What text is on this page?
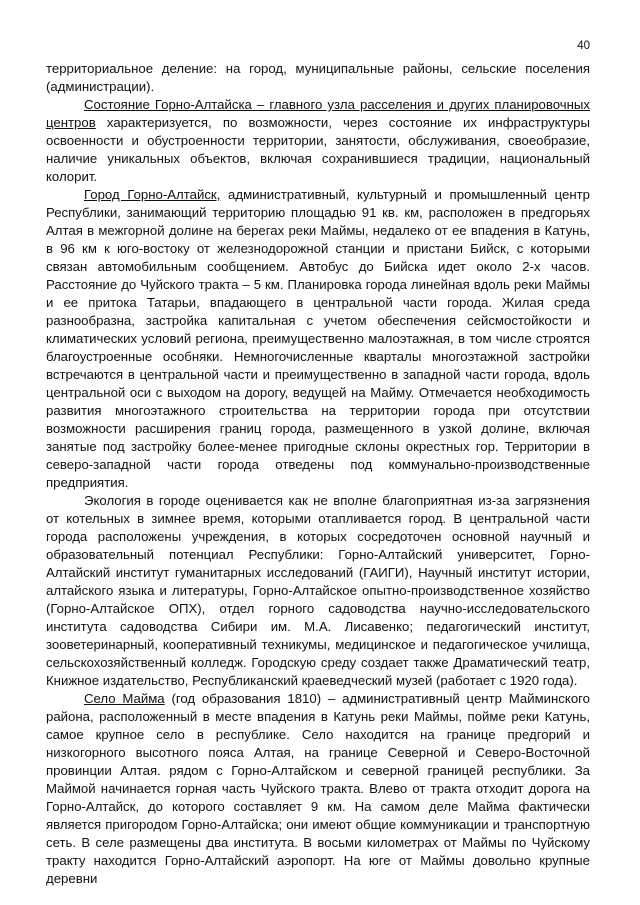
40

территориальное деление: на город, муниципальные районы, сельские поселения (администрации).

Состояние Горно-Алтайска – главного узла расселения и других планировочных центров характеризуется, по возможности, через состояние их инфраструктуры освоенности и обустроенности территории, занятости, обслуживания, своеобразие, наличие уникальных объектов, включая сохранившиеся традиции, национальный колорит.

Город Горно-Алтайск, административный, культурный и промышленный центр Республики, занимающий территорию площадью 91 кв. км, расположен в предгорьях Алтая в межгорной долине на берегах реки Маймы, недалеко от ее впадения в Катунь, в 96 км к юго-востоку от железнодорожной станции и пристани Бийск, с которыми связан автомобильным сообщением. Автобус до Бийска идет около 2-х часов. Расстояние до Чуйского тракта – 5 км. Планировка города линейная вдоль реки Маймы и ее притока Татарьи, впадающего в центральной части города. Жилая среда разнообразна, застройка капитальная с учетом обеспечения сейсмостойкости и климатических условий региона, преимущественно малоэтажная, в том числе строятся благоустроенные особняки. Немногочисленные кварталы многоэтажной застройки встречаются в центральной части и преимущественно в западной части города, вдоль центральной оси с выходом на дорогу, ведущей на Майму. Отмечается необходимость развития многоэтажного строительства на территории города при отсутствии возможности расширения границ города, размещенного в узкой долине, включая занятые под застройку более-менее пригодные склоны окрестных гор. Территории в северо-западной части города отведены под коммунально-производственные предприятия.

Экология в городе оценивается как не вполне благоприятная из-за загрязнения от котельных в зимнее время, которыми отапливается город. В центральной части города расположены учреждения, в которых сосредоточен основной научный и образовательный потенциал Республики: Горно-Алтайский университет, Горно-Алтайский институт гуманитарных исследований (ГАИГИ), Научный институт истории, алтайского языка и литературы, Горно-Алтайское опытно-производственное хозяйство (Горно-Алтайское ОПХ), отдел горного садоводства научно-исследовательского института садоводства Сибири им. М.А. Лисавенко; педагогический институт, зооветеринарный, кооперативный техникумы, медицинское и педагогическое училища, сельскохозяйственный колледж. Городскую среду создает также Драматический театр, Книжное издательство, Республиканский краеведческий музей (работает с 1920 года).

Село Майма (год образования 1810) – административный центр Майминского района, расположенный в месте впадения в Катунь реки Маймы, пойме реки Катунь, самое крупное село в республике. Село находится на границе предгорий и низкогорного высотного пояса Алтая, на границе Северной и Северо-Восточной провинции Алтая. рядом с Горно-Алтайском и северной границей республики. За Маймой начинается горная часть Чуйского тракта. Влево от тракта отходит дорога на Горно-Алтайск, до которого составляет 9 км. На самом деле Майма фактически является пригородом Горно-Алтайска; они имеют общие коммуникации и транспортную сеть. В селе размещены два института. В восьми километрах от Маймы по Чуйскому тракту находится Горно-Алтайский аэропорт. На юге от Маймы довольно крупные деревни
